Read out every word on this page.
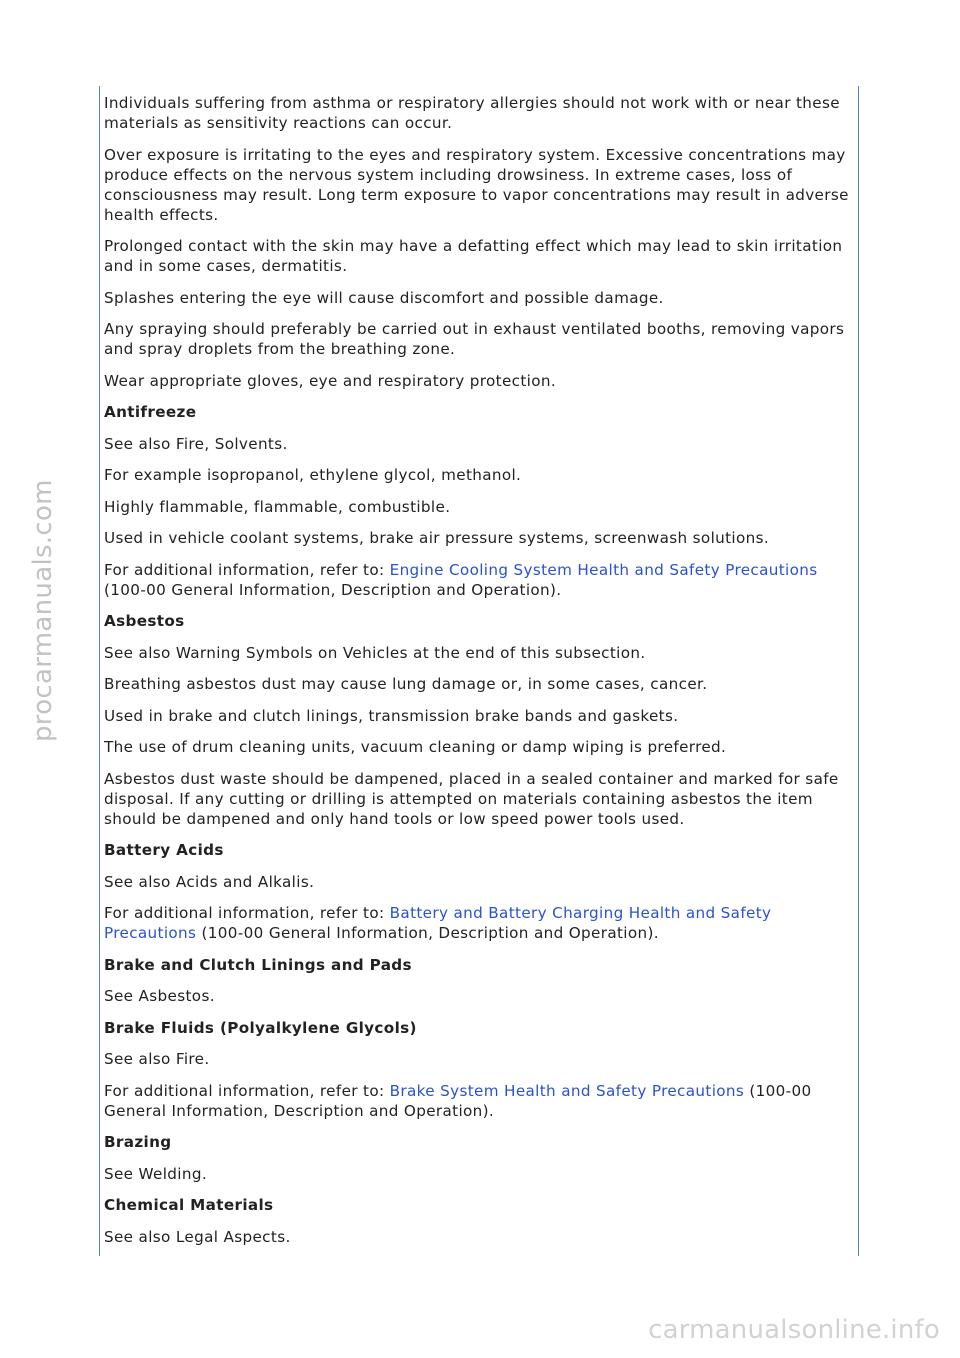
Individuals suffering from asthma or respiratory allergies should not work with or near these materials as sensitivity reactions can occur.
Over exposure is irritating to the eyes and respiratory system. Excessive concentrations may produce effects on the nervous system including drowsiness. In extreme cases, loss of consciousness may result. Long term exposure to vapor concentrations may result in adverse health effects.
Prolonged contact with the skin may have a defatting effect which may lead to skin irritation and in some cases, dermatitis.
Splashes entering the eye will cause discomfort and possible damage.
Any spraying should preferably be carried out in exhaust ventilated booths, removing vapors and spray droplets from the breathing zone.
Wear appropriate gloves, eye and respiratory protection.
Antifreeze
See also Fire, Solvents.
For example isopropanol, ethylene glycol, methanol.
Highly flammable, flammable, combustible.
Used in vehicle coolant systems, brake air pressure systems, screenwash solutions.
For additional information, refer to: Engine Cooling System Health and Safety Precautions (100-00 General Information, Description and Operation).
Asbestos
See also Warning Symbols on Vehicles at the end of this subsection.
Breathing asbestos dust may cause lung damage or, in some cases, cancer.
Used in brake and clutch linings, transmission brake bands and gaskets.
The use of drum cleaning units, vacuum cleaning or damp wiping is preferred.
Asbestos dust waste should be dampened, placed in a sealed container and marked for safe disposal. If any cutting or drilling is attempted on materials containing asbestos the item should be dampened and only hand tools or low speed power tools used.
Battery Acids
See also Acids and Alkalis.
For additional information, refer to: Battery and Battery Charging Health and Safety Precautions (100-00 General Information, Description and Operation).
Brake and Clutch Linings and Pads
See Asbestos.
Brake Fluids (Polyalkylene Glycols)
See also Fire.
For additional information, refer to: Brake System Health and Safety Precautions (100-00 General Information, Description and Operation).
Brazing
See Welding.
Chemical Materials
See also Legal Aspects.
procarmanuals.com
carmanualsonline.info
